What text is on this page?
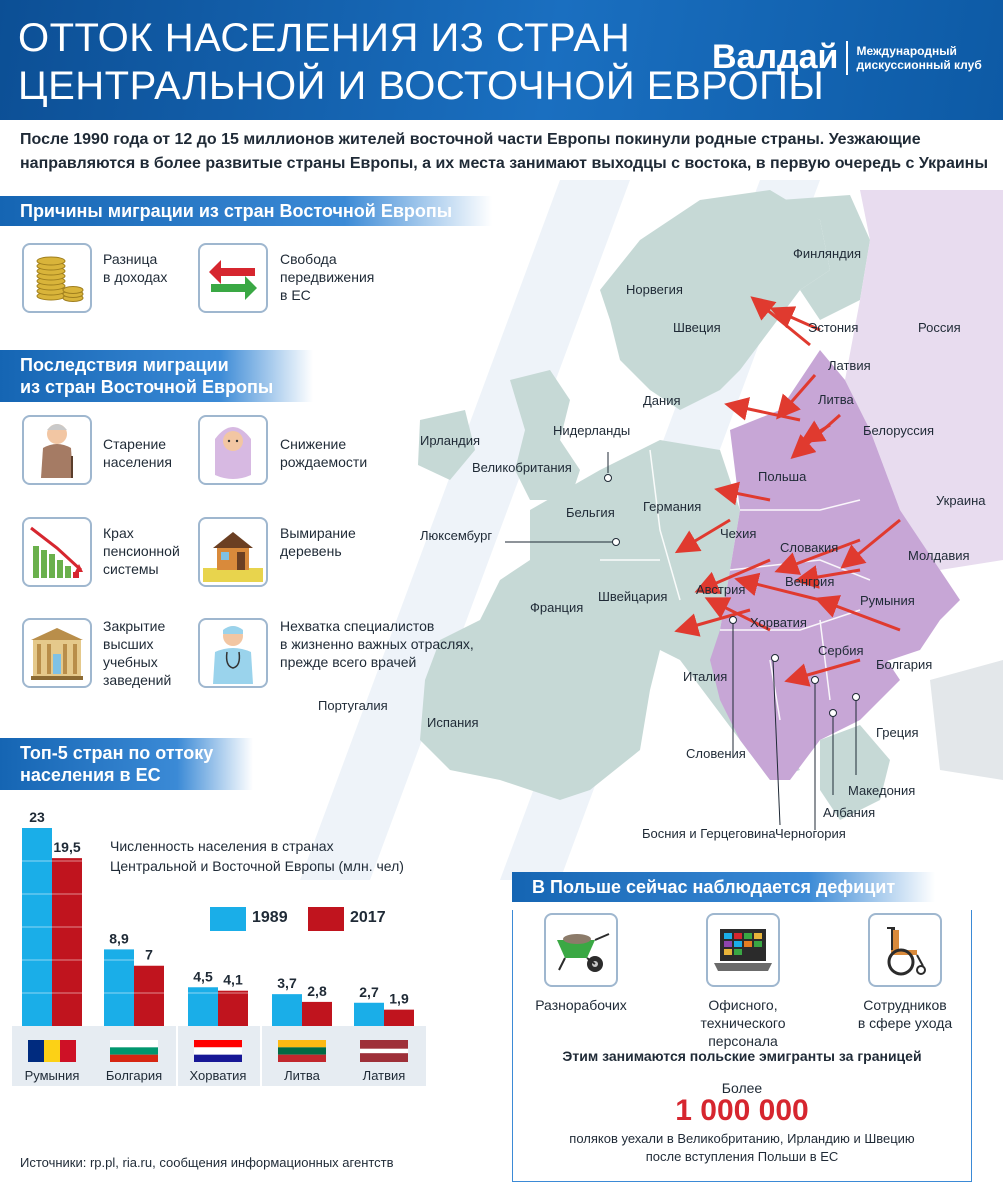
ОТТОК НАСЕЛЕНИЯ ИЗ СТРАН
ЦЕНТРАЛЬНОЙ И ВОСТОЧНОЙ ЕВРОПЫ
Валдай Международный
дискуссионный клуб
После 1990 года от 12 до 15 миллионов жителей восточной части Европы покинули родные страны. Уезжающие направляются в более развитые страны Европы, а их места занимают выходцы с востока, в первую очередь с Украины
Финляндия
Норвегия
Швеция	Эстония	Россия
Латвия
Литва
Дания
Ирландия
Нидерланды	Белоруссия
Великобритания
Польша
Германия	Украина
Бельгия
Чехия
Люксембург
Словакия
Молдавия
Венгрия
Франция
Швейцария Австрия
Румыния
Хорватия
Сербия
Болгария
Италия
Португалия
Испания
Греция
Словения
Македония
Албания
Босния и Герцеговина Черногория
Причины миграции из стран Восточной Европы
Разница
в доходах
Свобода
передвижения
в ЕС
Последствия миграции
из стран Восточной Европы
Старение
населения
Снижение
рождаемости
Крах
пенсионной
системы
Вымирание
деревень
Закрытие
высших
учебных
заведений
Нехватка специалистов
в жизненно важных отраслях,
прежде всего врачей
Топ-5 стран по оттоку
населения в ЕС
Румыния
23
19,5
Болгария
8,9
7
Хорватия
4,5 4,1
Литва
3,7 2,8
Латвия
2,7 1,9
Численность населения в странах Центральной и Восточной Европы (млн. чел)
1989	2017
Источники: rp.pl, ria.ru, сообщения информационных агентств
В Польше сейчас наблюдается дефицит
Разнорабочих	Офисного,
технического
персонала
Сотрудников
в сфере ухода
Этим занимаются польские эмигранты за границей
Более
1 000 000
поляков уехали в Великобританию, Ирландию и Швецию
после вступления Польши в ЕС
